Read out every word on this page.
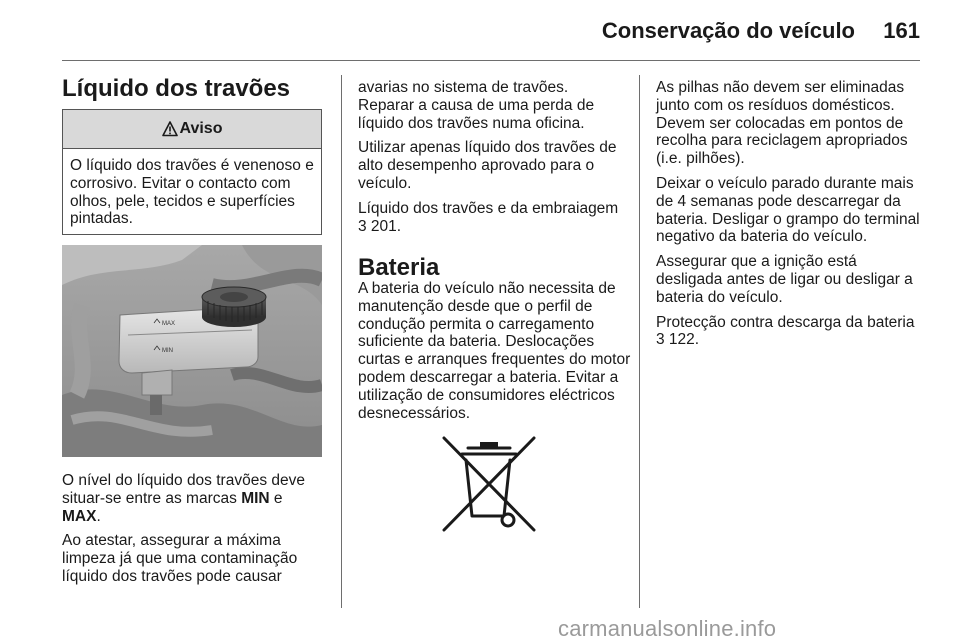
Conservação do veículo	161
Líquido dos travões
Aviso
O líquido dos travões é venenoso e corrosivo. Evitar o contacto com olhos, pele, tecidos e superfícies pintadas.
MAX
MIN

O nível do líquido dos travões deve situar-se entre as marcas MIN e MAX.

Ao atestar, assegurar a máxima limpeza já que uma contaminação líquido dos travões pode causar

avarias no sistema de travões. Reparar a causa de uma perda de líquido dos travões numa oficina.

Utilizar apenas líquido dos travões de alto desempenho aprovado para o veículo.

Líquido dos travões e da embraiagem
3 201.

Bateria

A bateria do veículo não necessita de manutenção desde que o perfil de condução permita o carregamento suficiente da bateria. Deslocações curtas e arranques frequentes do motor podem descarregar a bateria. Evitar a utilização de consumidores eléctricos desnecessários.

As pilhas não devem ser eliminadas junto com os resíduos domésticos. Devem ser colocadas em pontos de recolha para reciclagem apropriados (i.e. pilhões).

Deixar o veículo parado durante mais de 4 semanas pode descarregar da bateria. Desligar o grampo do terminal negativo da bateria do veículo.

Assegurar que a ignição está desligada antes de ligar ou desligar a bateria do veículo.

Protecção contra descarga da bateria
3 122.

carmanualsonline.info
